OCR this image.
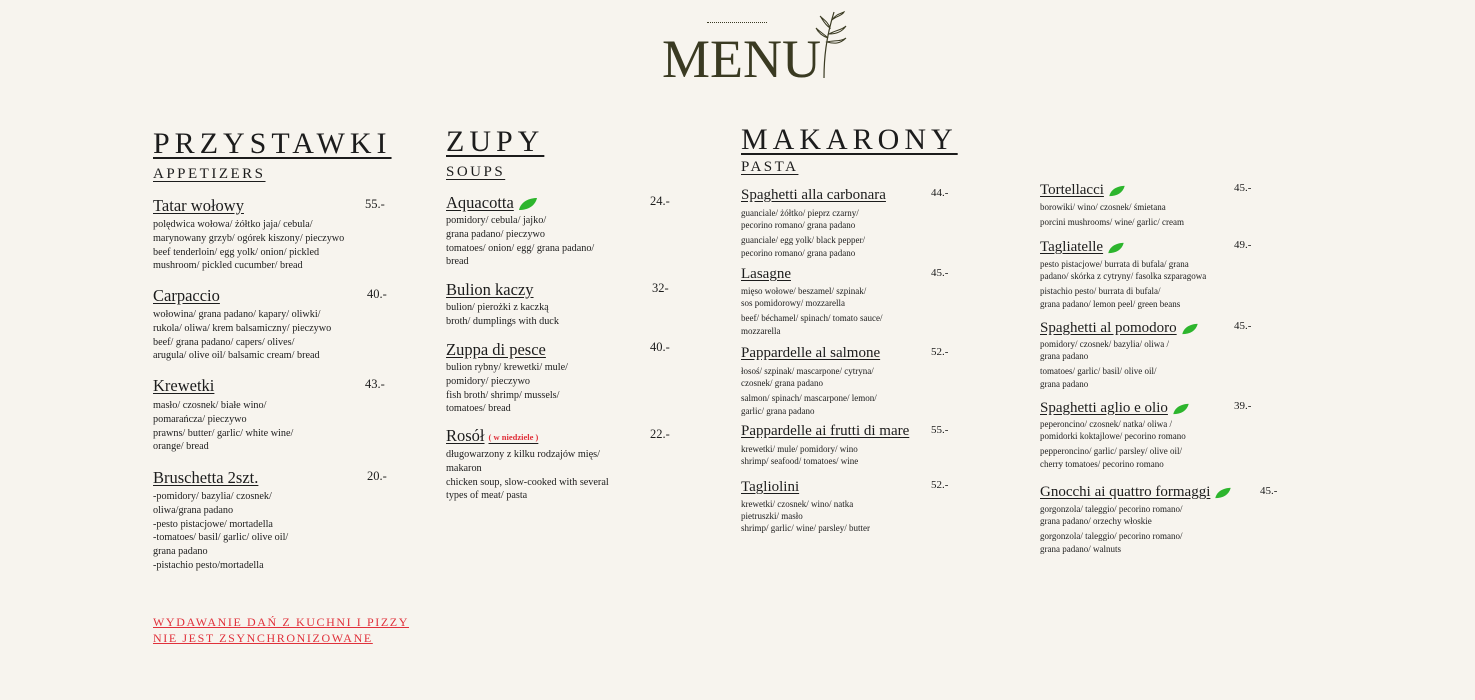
MENU
PRZYSTAWKI
APPETIZERS
Tatar wołowy	55.-
polędwica wołowa/ żółtko jaja/ cebula/
marynowany grzyb/ ogórek kiszony/ pieczywo
beef tenderloin/ egg yolk/ onion/ pickled
mushroom/ pickled cucumber/ bread
Carpaccio	40.-
wołowina/ grana padano/ kapary/ oliwki/
rukola/ oliwa/ krem balsamiczny/ pieczywo
beef/ grana padano/ capers/ olives/
arugula/ olive oil/ balsamic cream/ bread
Krewetki	43.-
masło/ czosnek/ białe wino/
pomarańcza/ pieczywo
prawns/ butter/ garlic/ white wine/
orange/ bread
Bruschetta 2szt.	20.-
-pomidory/ bazylia/ czosnek/
oliwa/grana padano
-pesto pistacjowe/ mortadella
-tomatoes/ basil/ garlic/ olive oil/
grana padano
-pistachio pesto/mortadella
WYDAWANIE DAŃ Z KUCHNI I PIZZY
NIE JEST ZSYNCHRONIZOWANE
ZUPY
SOUPS
Aquacotta	24.-
pomidory/ cebula/ jajko/
grana padano/ pieczywo
tomatoes/ onion/ egg/ grana padano/
bread
Bulion kaczy	32-
bulion/ pierożki z kaczką
broth/ dumplings with duck
Zuppa di pesce	40.-
bulion rybny/ krewetki/ mule/
pomidory/ pieczywo
fish broth/ shrimp/ mussels/
tomatoes/ bread
Rosół ( w niedziele )	22.-
długowarzony z kilku rodzajów mięs/
makaron
chicken soup, slow-cooked with several
types of meat/ pasta
MAKARONY
PASTA
Spaghetti alla carbonara	44.-
guanciale/ żółtko/ pieprz czarny/
pecorino romano/ grana padano
guanciale/ egg yolk/ black pepper/
pecorino romano/ grana padano
Lasagne	45.-
mięso wołowe/ beszamel/ szpinak/
sos pomidorowy/ mozzarella
beef/ béchamel/ spinach/ tomato sauce/
mozzarella
Pappardelle al salmone	52.-
łosoś/ szpinak/ mascarpone/ cytryna/
czosnek/ grana padano
salmon/ spinach/ mascarpone/ lemon/
garlic/ grana padano
Pappardelle ai frutti di mare 55.-
krewetki/ mule/ pomidory/ wino
shrimp/ seafood/ tomatoes/ wine
Tagliolini	52.-
krewetki/ czosnek/ wino/ natka
pietruszki/ masło
shrimp/ garlic/ wine/ parsley/ butter
Tortellacci	45.-
borowiki/ wino/ czosnek/ śmietana
porcini mushrooms/ wine/ garlic/ cream
Tagliatelle	49.-
pesto pistacjowe/ burrata di bufala/ grana
padano/ skórka z cytryny/ fasolka szparagowa
pistachio pesto/ burrata di bufala/
grana padano/ lemon peel/ green beans
Spaghetti al pomodoro	45.-
pomidory/ czosnek/ bazylia/ oliwa /
grana padano
tomatoes/ garlic/ basil/ olive oil/
grana padano
Spaghetti aglio e olio	39.-
peperoncino/ czosnek/ natka/ oliwa /
pomidorki koktajlowe/ pecorino romano
pepperoncino/ garlic/ parsley/ olive oil/
cherry tomatoes/ pecorino romano
Gnocchi ai quattro formaggi	45.-
gorgonzola/ taleggio/ pecorino romano/
grana padano/ orzechy włoskie
gorgonzola/ taleggio/ pecorino romano/
grana padano/ walnuts
